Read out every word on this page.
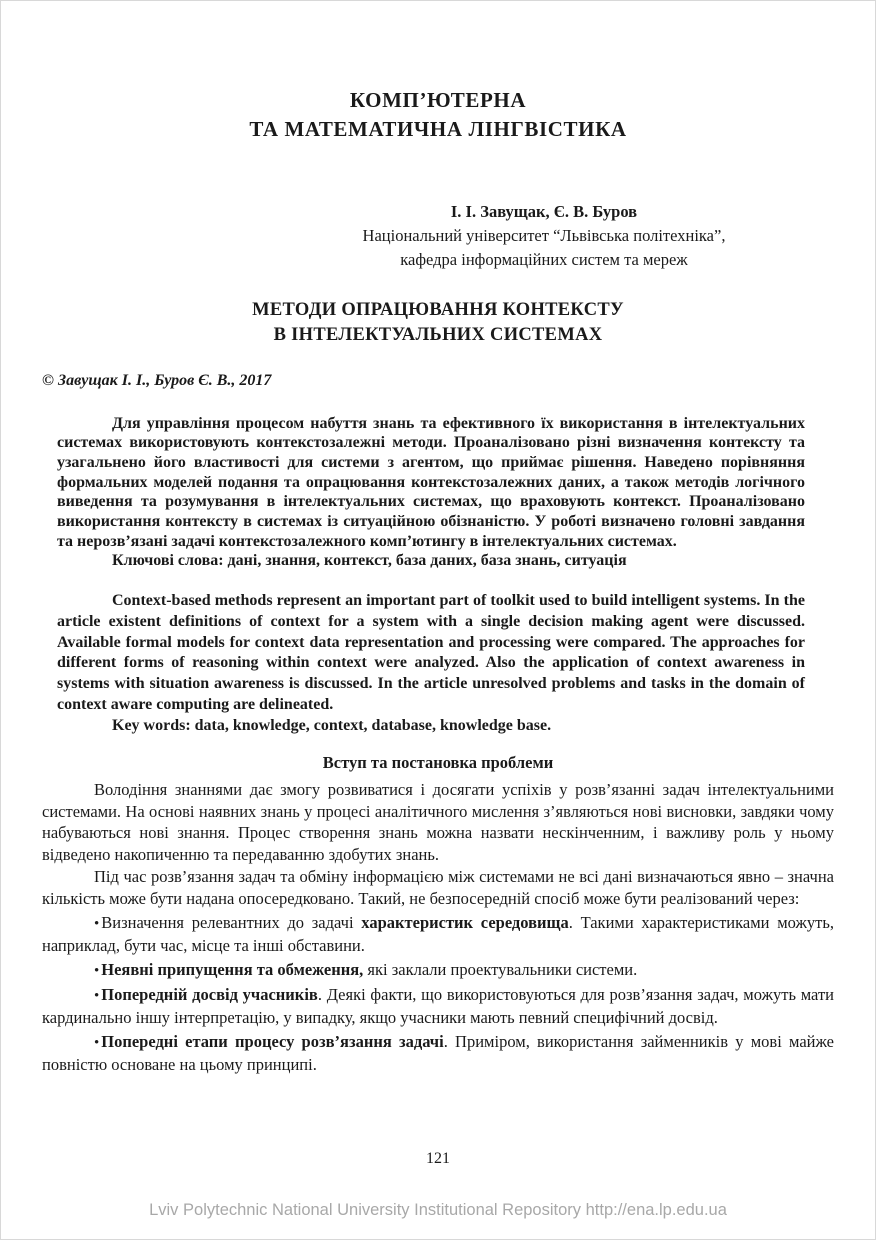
КОМП’ЮТЕРНА
ТА МАТЕМАТИЧНА ЛІНГВІСТИКА
І. І. Завущак, Є. В. Буров
Національний університет “Львівська політехніка”,
кафедра інформаційних систем та мереж
МЕТОДИ ОПРАЦЮВАННЯ КОНТЕКСТУ
В ІНТЕЛЕКТУАЛЬНИХ СИСТЕМАХ
© Завущак І. І., Буров Є. В., 2017

Для управління процесом набуття знань та ефективного їх використання в інтелектуальних системах використовують контекстозалежні методи. Проаналізовано різні визначення контексту та узагальнено його властивості для системи з агентом, що приймає рішення. Наведено порівняння формальних моделей подання та опрацювання контекстозалежних даних, а також методів логічного виведення та розумування в інтелектуальних системах, що враховують контекст. Проаналізовано використання контексту в системах із ситуаційною обізнаністю. У роботі визначено головні завдання та нерозв’язані задачі контекстозалежного комп’ютингу в інтелектуальних системах.

Ключові слова: дані, знання, контекст, база даних, база знань, ситуація

Context-based methods represent an important part of toolkit used to build intelligent systems. In the article existent definitions of context for a system with a single decision making agent were discussed. Available formal models for context data representation and processing were compared. The approaches for different forms of reasoning within context were analyzed. Also the application of context awareness in systems with situation awareness is discussed. In the article unresolved problems and tasks in the domain of context aware computing are delineated.

Key words: data, knowledge, context, database, knowledge base.

Вступ та постановка проблеми

Володіння знаннями дає змогу розвиватися і досягати успіхів у розв’язанні задач інтелектуальними системами. На основі наявних знань у процесі аналітичного мислення з’являються нові висновки, завдяки чому набуваються нові знання. Процес створення знань можна назвати нескінченним, і важливу роль у ньому відведено накопиченню та передаванню здобутих знань.

Під час розв’язання задач та обміну інформацією між системами не всі дані визначаються явно – значна кількість може бути надана опосередковано. Такий, не безпосередній спосіб може бути реалізований через:

• Визначення релевантних до задачі характеристик середовища. Такими характеристиками можуть, наприклад, бути час, місце та інші обставини.

• Неявні припущення та обмеження, які заклали проектувальники системи.

• Попередній досвід учасників. Деякі факти, що використовуються для розв’язання задач, можуть мати кардинально іншу інтерпретацію, у випадку, якщо учасники мають певний специфічний досвід.

• Попередні етапи процесу розв’язання задачі. Приміром, використання займенників у мові майже повністю основане на цьому принципі.

121
Lviv Polytechnic National University Institutional Repository http://ena.lp.edu.ua
